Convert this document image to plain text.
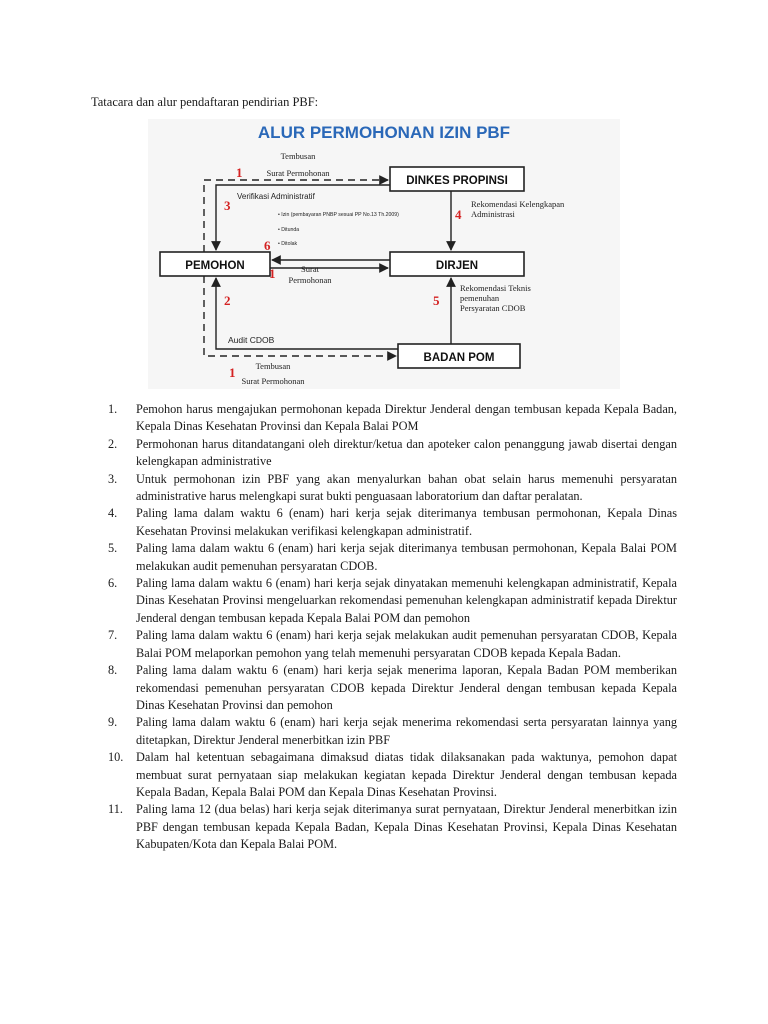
Tatacara dan alur pendaftaran pendirian PBF:
ALUR PERMOHONAN IZIN PBF
DINKES PROPINSI
PEMOHON	DIRJEN
BADAN POM
Tembusan
Surat Permohonan
Verifikasi Administratif
• Izin (pembayaran PNBP sesuai PP No.13 Th.2009)
• Ditunda
• Ditolak
Rekomendasi Kelengkapan
Administrasi
Surat
Permohonan
Rekomendasi Teknis
pemenuhan
Persyaratan CDOB
Audit CDOB
Tembusan
Surat Permohonan
1
3
4
6
1
2	5
1
1.	Pemohon harus mengajukan permohonan kepada Direktur Jenderal dengan tembusan kepada Kepala Badan, Kepala Dinas Kesehatan Provinsi dan Kepala Balai POM
2.	Permohonan harus ditandatangani oleh direktur/ketua dan apoteker calon penanggung jawab disertai dengan kelengkapan administrative
3.	Untuk permohonan izin PBF yang akan menyalurkan bahan obat selain harus memenuhi persyaratan administrative harus melengkapi surat bukti penguasaan laboratorium dan daftar peralatan.
4.	Paling lama dalam waktu 6 (enam) hari kerja sejak diterimanya tembusan permohonan, Kepala Dinas Kesehatan Provinsi melakukan verifikasi kelengkapan administratif.
5.	Paling lama dalam waktu 6 (enam) hari kerja sejak diterimanya tembusan permohonan, Kepala Balai POM melakukan audit pemenuhan persyaratan CDOB.
6.	Paling lama dalam waktu 6 (enam) hari kerja sejak dinyatakan memenuhi kelengkapan administratif, Kepala Dinas Kesehatan Provinsi mengeluarkan rekomendasi pemenuhan kelengkapan administratif kepada Direktur Jenderal dengan tembusan kepada Kepala Balai POM dan pemohon
7.	Paling lama dalam waktu 6 (enam) hari kerja sejak melakukan audit pemenuhan persyaratan CDOB, Kepala Balai POM melaporkan pemohon yang telah memenuhi persyaratan CDOB kepada Kepala Badan.
8.	Paling lama dalam waktu 6 (enam) hari kerja sejak menerima laporan, Kepala Badan POM memberikan rekomendasi pemenuhan persyaratan CDOB kepada Direktur Jenderal dengan tembusan kepada Kepala Dinas Kesehatan Provinsi dan pemohon
9.	Paling lama dalam waktu 6 (enam) hari kerja sejak menerima rekomendasi serta persyaratan lainnya yang ditetapkan, Direktur Jenderal menerbitkan izin PBF
10.	Dalam hal ketentuan sebagaimana dimaksud diatas tidak dilaksanakan pada waktunya, pemohon dapat membuat surat pernyataan siap melakukan kegiatan kepada Direktur Jenderal dengan tembusan kepada Kepala Badan, Kepala Balai POM dan Kepala Dinas Kesehatan Provinsi.
11.	Paling lama 12 (dua belas) hari kerja sejak diterimanya surat pernyataan, Direktur Jenderal menerbitkan izin PBF dengan tembusan kepada Kepala Badan, Kepala Dinas Kesehatan Provinsi, Kepala Dinas Kesehatan Kabupaten/Kota dan Kepala Balai POM.
